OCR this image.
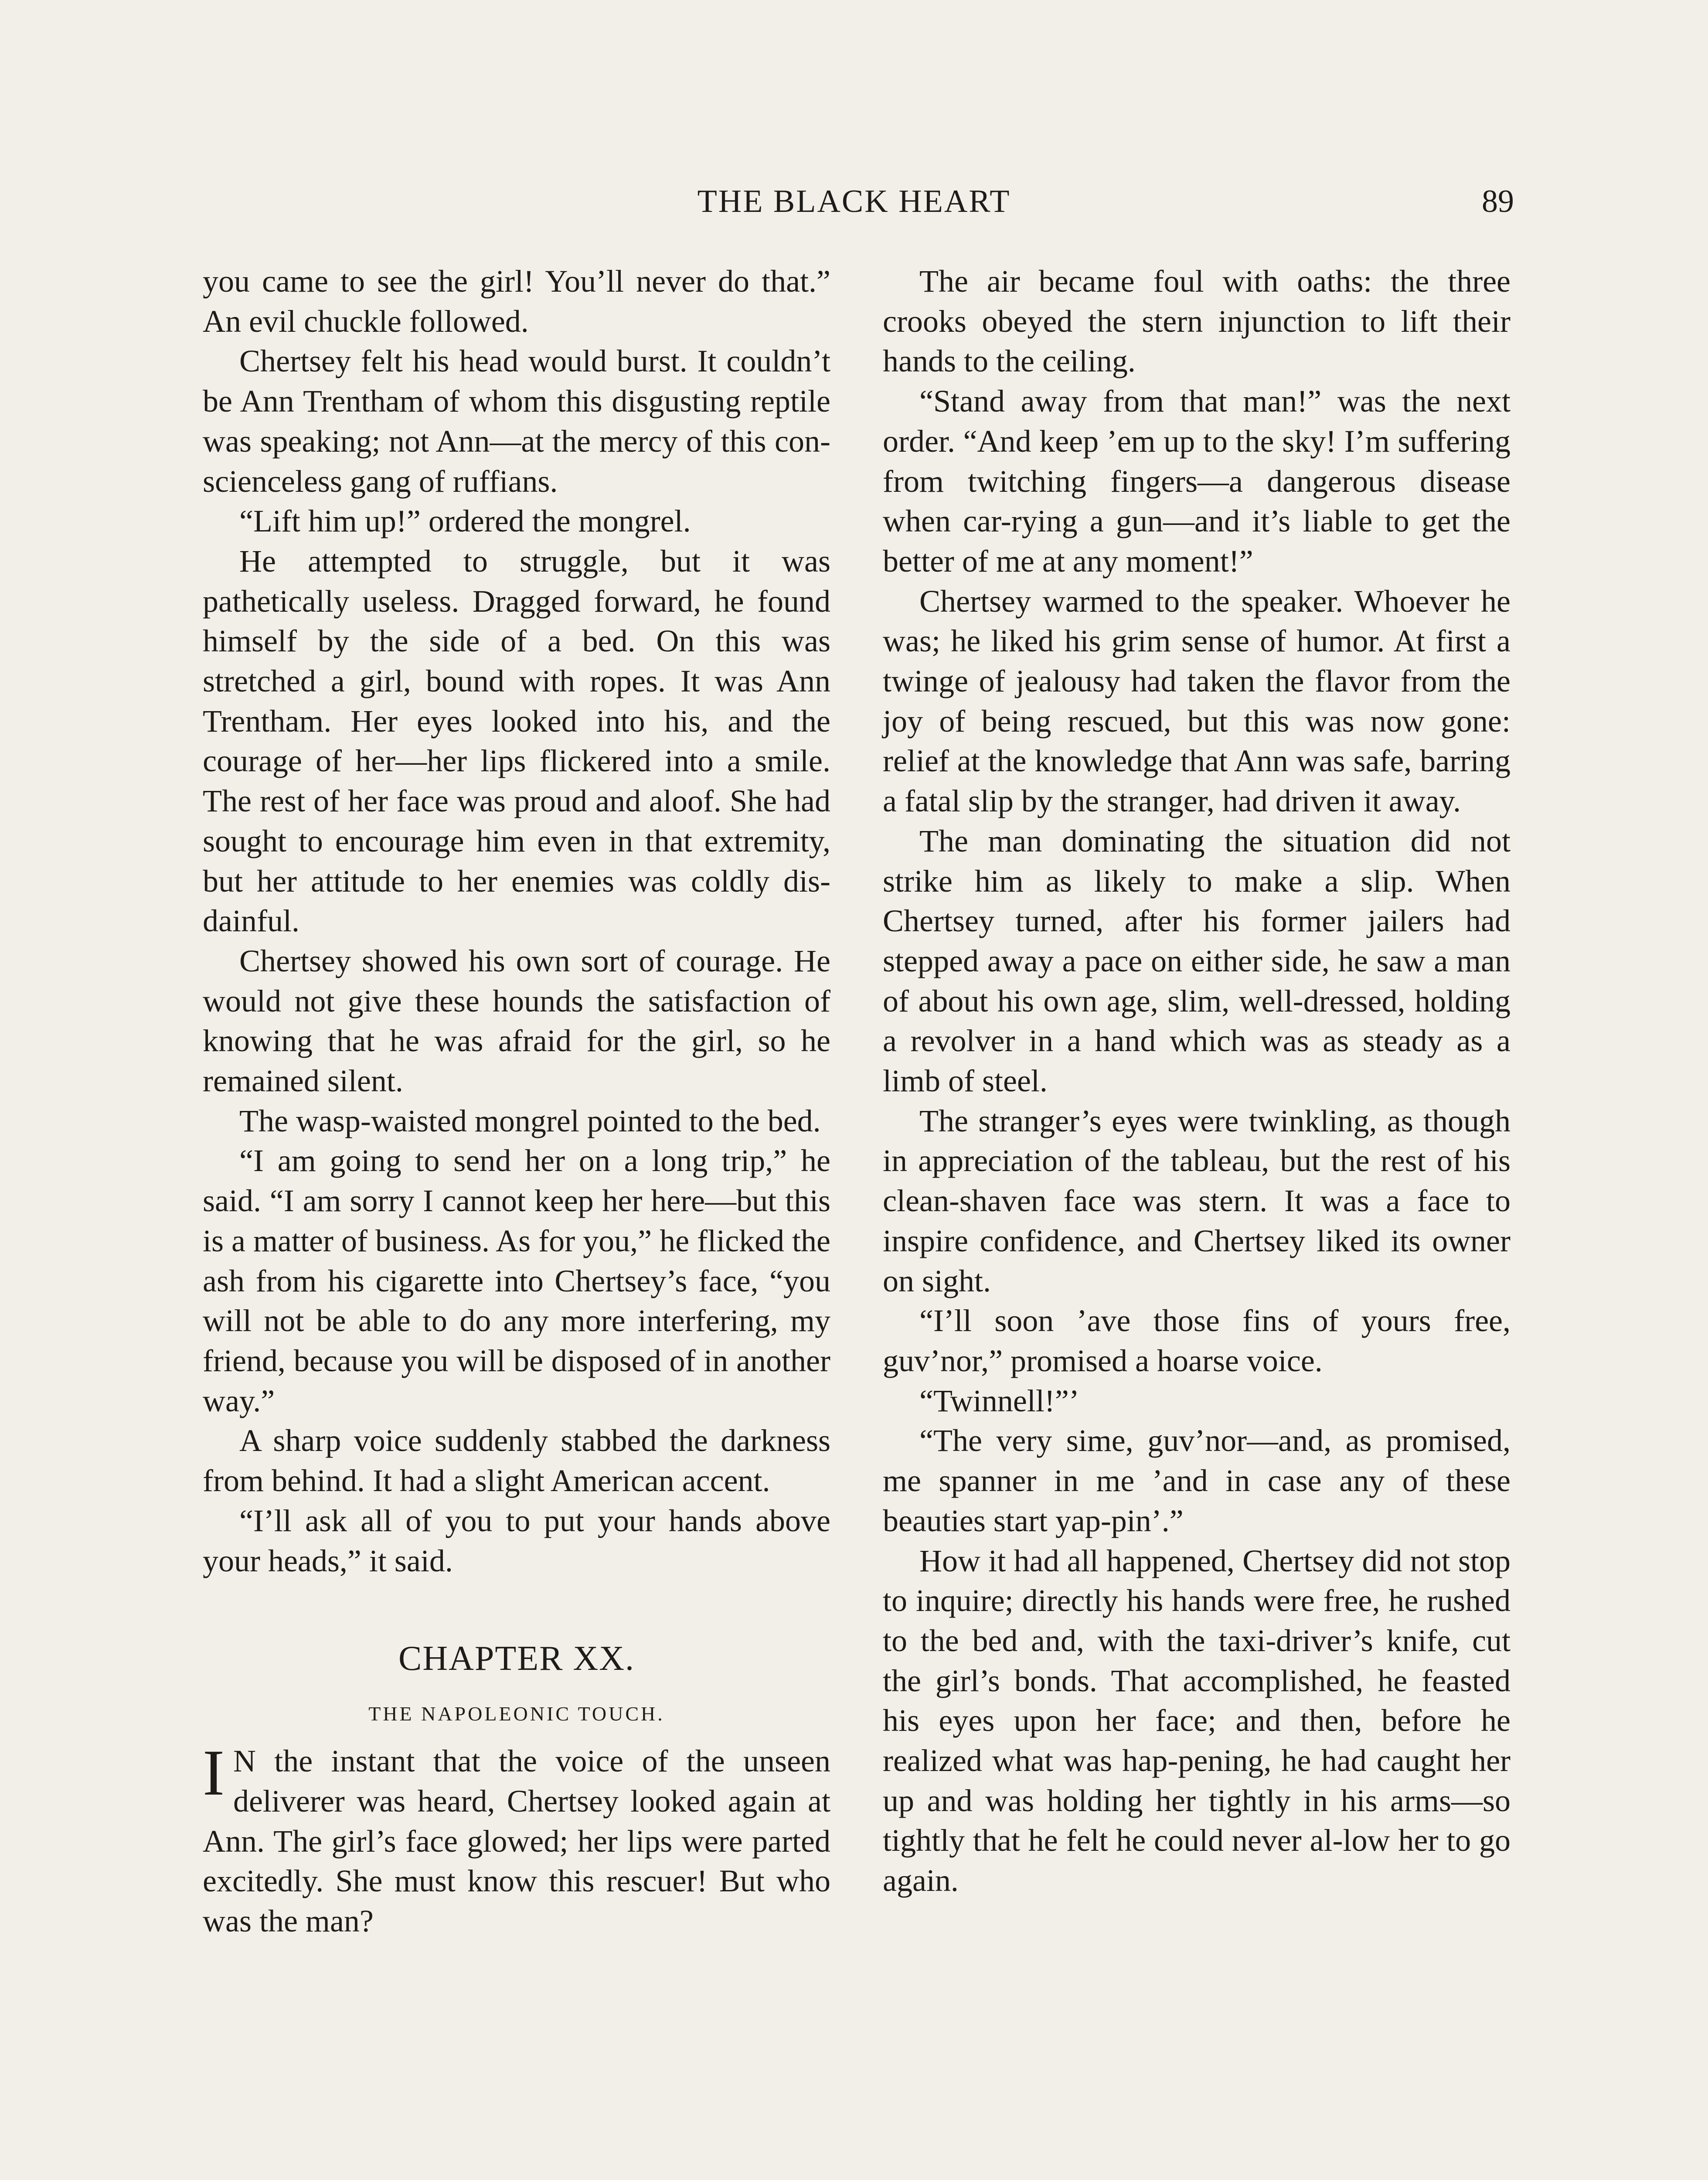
THE BLACK HEART	89

you came to see the girl! You’ll never do that.” An evil chuckle followed.

Chertsey felt his head would burst. It couldn’t be Ann Trentham of whom this disgusting reptile was speaking; not Ann—at the mercy of this con-scienceless gang of ruffians.

“Lift him up!” ordered the mongrel.

He attempted to struggle, but it was pathetically useless. Dragged forward, he found himself by the side of a bed. On this was stretched a girl, bound with ropes. It was Ann Trentham. Her eyes looked into his, and the courage of her—her lips flickered into a smile. The rest of her face was proud and aloof. She had sought to encourage him even in that extremity, but her attitude to her enemies was coldly dis-dainful.

Chertsey showed his own sort of courage. He would not give these hounds the satisfaction of knowing that he was afraid for the girl, so he remained silent.

The wasp-waisted mongrel pointed to the bed.

“I am going to send her on a long trip,” he said. “I am sorry I cannot keep her here—but this is a matter of business. As for you,” he flicked the ash from his cigarette into Chertsey’s face, “you will not be able to do any more interfering, my friend, because you will be disposed of in another way.”

A sharp voice suddenly stabbed the darkness from behind. It had a slight American accent.

“I’ll ask all of you to put your hands above your heads,” it said.

CHAPTER XX.
THE NAPOLEONIC TOUCH.

I N the instant that the voice of the unseen deliverer was heard, Chertsey looked again at Ann. The girl’s face glowed; her lips were parted excitedly. She must know this rescuer! But who was the man?

The air became foul with oaths: the three crooks obeyed the stern injunction to lift their hands to the ceiling.

“Stand away from that man!” was the next order. “And keep ’em up to the sky! I’m suffering from twitching fingers—a dangerous disease when car-rying a gun—and it’s liable to get the better of me at any moment!”

Chertsey warmed to the speaker. Whoever he was; he liked his grim sense of humor. At first a twinge of jealousy had taken the flavor from the joy of being rescued, but this was now gone: relief at the knowledge that Ann was safe, barring a fatal slip by the stranger, had driven it away.

The man dominating the situation did not strike him as likely to make a slip. When Chertsey turned, after his former jailers had stepped away a pace on either side, he saw a man of about his own age, slim, well-dressed, holding a revolver in a hand which was as steady as a limb of steel.

The stranger’s eyes were twinkling, as though in appreciation of the tableau, but the rest of his clean-shaven face was stern. It was a face to inspire confidence, and Chertsey liked its owner on sight.

“I’ll soon ’ave those fins of yours free, guv’nor,” promised a hoarse voice.

“Twinnell!”’

“The very sime, guv’nor—and, as promised, me spanner in me ’and in case any of these beauties start yap-pin’.”

How it had all happened, Chertsey did not stop to inquire; directly his hands were free, he rushed to the bed and, with the taxi-driver’s knife, cut the girl’s bonds. That accomplished, he feasted his eyes upon her face; and then, before he realized what was hap-pening, he had caught her up and was holding her tightly in his arms—so tightly that he felt he could never al-low her to go again.
